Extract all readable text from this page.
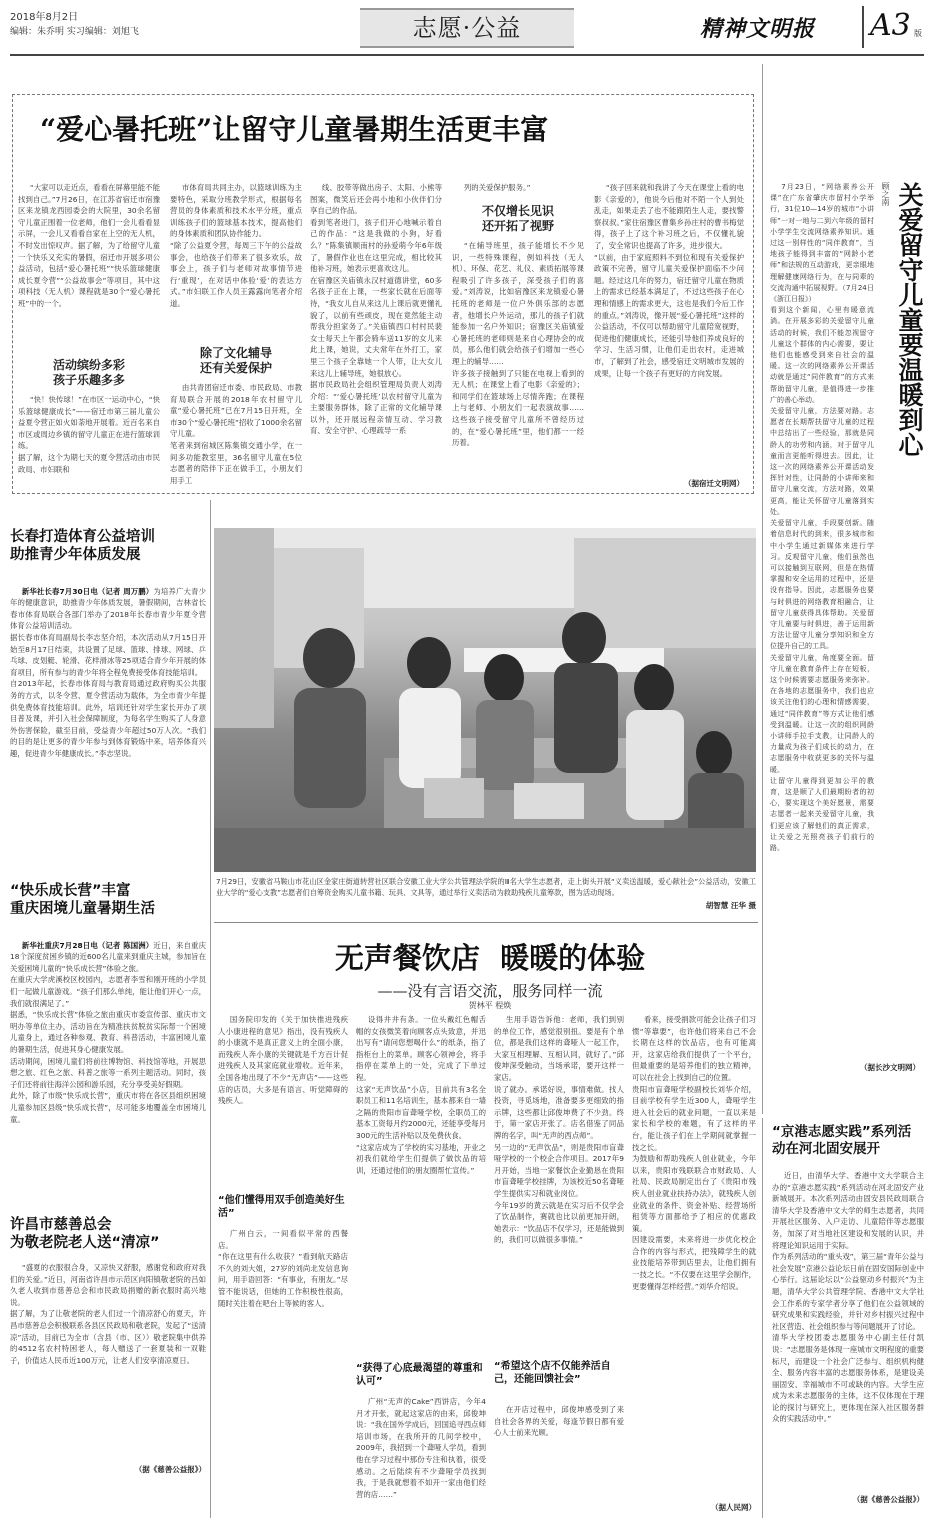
2018年8月2日
编辑：朱乔明 实习编辑：刘旭飞	志愿·公益	精神文明报 A3 版
“爱心暑托班”让留守儿童暑期生活更丰富

“大家可以走近点，看看在屏幕里能不能找到自己。”7月26日，在江苏省宿迁市宿豫区来龙镇龙西园委会的大院里，30余名留守儿童正围着一位老师，他们一会儿看看显示屏，一会儿又看看自家在上空的无人机，不时发出惊叹声。据了解，为了给留守儿童一个快乐又充实的暑假，宿迁市开展多项公益活动，包括“爱心暑托班”“快乐篮球健康成长夏令营”“公益故事会”等项目，其中这项科技（无人机）课程就是30个“爱心暑托班”中的一个。

活动缤纷多彩
孩子乐趣多多

“快！快传球！”在市区一运动中心，“快乐篮球健康成长”——宿迁市第三届儿童公益夏令营正如火如荼地开展着。近百名来自市区或周边乡镇的留守儿童正在进行篮球训练。
据了解，这个为期七天的夏令营活动由市民政局、市妇联和

市体育局共同主办，以篮球训练为主要特色，采取分班教学形式，根据每名营员的身体素质和技术水平分班，重点训练孩子们的篮球基本技术，提高他们的身体素质和团队协作能力。
“除了公益夏令营，每周三下午的公益故事会，也给孩子们带来了很多欢乐，故事会上，孩子们与老师对故事情节进行‘重现’，在对话中体验‘爱’的表达方式。”市妇联工作人员王露露向笔者介绍道。

除了文化辅导
还有关爱保护

由共青团宿迁市委、市民政局、市教育局联合开展的2018年农村留守儿童“爱心暑托班”已在7月15日开班，全市30个“爱心暑托班”招收了1000余名留守儿童。
笔者来到宿城区陈集镇交通小学，在一间多功能教室里，36名留守儿童在5位志愿者的陪伴下正在做手工，小朋友们用手工

线、胶带等做出房子、太阳、小熊等图案，微笑后还会再小地和小伙伴们分享自己的作品。
看到笔者进门，孩子们开心地喊示着自己的作品：“这是我做的小狗，好看么？”陈集镇顺南村的孙爱萌今年6年级了，暑假作业也在这里完成，相比较其他补习班，她表示更喜欢这儿。
在宿豫区关庙镇永汉村道德讲堂，60多名孩子正在上课，一些家长就在后面等待，“我女儿自从来这儿上课后就更懂礼貌了，以前有些顽皮，现在竟然能主动帮我分担家务了。”关庙镇西口村村民裴女士每天上午都会骑车送11岁的女儿来此上课，她说，丈夫常年在外打工，家里三个孩子全靠她一个人带，让大女儿来这儿上辅导班，她很放心。
据市民政局社会组织管理局负责人刘涛介绍：“‘爱心暑托班’以农村留守儿童为主要服务群体，除了正常的文化辅导课以外，还开展远程亲情互动、学习教育、安全守护、心理疏导一系

列的关爱保护服务。”

不仅增长见识
还开拓了视野

“在辅导班里，孩子能增长不少见识，一些特殊课程，例如科技（无人机）、环保、花艺、礼仪、素质拓展等课程吸引了许多孩子，深受孩子们的喜爱。”刘涛说，比如宿豫区来龙镇爱心暑托班的老师是一位户外俱乐部的志愿者，他增长户外运动，那儿的孩子们就能参加一名户外知识；宿豫区关庙镇爱心暑托班的老师则是来自心理协会的成员，那么他们就会给孩子们增加一些心理上的辅导……
许多孩子接触到了只能在电视上看到的无人机；在课堂上看了电影《亲爱的》；和同学们在篮球场上尽情奔跑；在课程上与老师、小朋友们一起表演故事……这些孩子接受留守儿童所不曾经历过的，在“爱心暑托班”里，他们都一一经历着。

“孩子回来就和我讲了今天在课堂上看的电影《亲爱的》，他说今后他对不陌一个人到处乱走，如果走丢了也不能跟陌生人走，要找警察叔叔。”家住宿豫区曹集乡孙庄村的曹书梅觉得，孩子上了这个补习班之后，不仅懂礼貌了，安全常识也提高了许多，进步很大。
“以前，由于家庭照料不到位和现有关爱保护政策不完善，留守儿童关爱保护面临不少问题。经过这几年的努力，宿迁留守儿童在物质上的需求已经基本满足了，不过这些孩子在心理和情感上的需求更大，这也是我们今后工作的重点。”刘涛说，像开展“爱心暑托班”这样的公益活动，不仅可以帮助留守儿童陪宽视野，促进他们健康成长，还能引导他们养成良好的学习、生活习惯，让他们走出农村，走进城市，了解到了社会，感受宿迁文明城市发展的成果，让每一个孩子有更好的方向发展。

（据宿迁文明网）

7月23日，“网络素养公开课”在广东省肇庆市留村小学举行，31位10—14岁的城市“小讲师”一对一地与二到六年级的留村小学学生交流网络素养知识。通过这一别样性的“同伴教育”，当地孩子能得到丰富的“网龄小老师”和法规的互动游戏，更亲眼地理解健康网络行为，在与同辈的交流沟通中拓展视野。（7月24日《浙江日报》）
看到这个新闻，心里有暖意流淌。在开展多彩的关爱留守儿童活动的时候，我们不能忽视留守儿童这个群体的内心需要，要让他们也能感受到来自社会的温暖。这一次的网络素养公开课活动就是通过“同伴教育”的方式来帮助留守儿童，是值得进一步推广的善心举动。
关爱留守儿童，方法要对路。志愿者在长期帮扶留守儿童的过程中总结出了一些经验，那就是同龄人的功劳和内涵，对于留守儿童而言更能听得进去。因此，让这一次的网络素养公开课活动发挥针对性，让同龄的小讲师来和留守儿童交流，方法对路，效果更高，能让关怀留守儿童落到实处。
关爱留守儿童，手段要创新。随着信息时代的到来，很多城市和中小学生通过新媒体来进行学习。反观留守儿童，他们虽然也可以接触到互联网，但是在热情掌握和安全运用的过程中，还是没有指导。因此，志愿服务也要与时俱进的网络教育相融合，让留守儿童获得具体帮助。关爱留守儿童要与时俱进，善于运用新方法让留守儿童分享知识和全方位提升自己的工具。
关爱留守儿童，角度要全面。留守儿童在教育条件上存在短板，这个时候需要志愿服务来弥补。在各地的志愿服务中，我们也应该关注他们的心理和情感需要，通过“同伴教育”等方式让他们感受到温暖。让这一次的组织网龄小讲师手拉手支教，让同龄人的力量成为孩子们成长的动力，在志愿服务中收获更多的关怀与温暖。
让留守儿童得到更加公平的教育，这是顺了人们最期盼者的初心，要实现这个美好愿景，需要志愿者一起来关爱留守儿童，我们更应该了解他们的真正需求，让关爱之光照亮孩子们前行的路。

顾之南 关爱留守儿童要温暖到心
（据长沙文明网）
长春打造体育公益培训
助推青少年体质发展

新华社长春7月30日电（记者 周万鹏）为培养广大青少年的健康意识，助推青少年体质发展，暑假期间，吉林省长春市体育局联合各部门举办了2018年长春市青少年夏令营体育公益培训活动。
据长春市体育局副局长李志坚介绍，本次活动从7月15日开始至8月17日结束，共设置了足球、篮球、排球、网球、乒乓球、皮划艇、轮滑、花样滑冰等25项适合青少年开展的体育项目，所有参与的青少年将全程免费接受体育技能培训。
自2013年起，长春市体育局与教育局通过政府购买公共服务的方式，以冬令营、夏令营活动为载体，为全市青少年提供免费体育技能培训。此外，培训还针对学生家长开办了项目普及课，并引入社会保障制度，为每名学生购买了人身意外伤害保险，截至目前，受益青少年超过50万人次。“我们的目的是让更多的青少年参与到体育锻炼中来，培养体育兴趣，促进青少年健康成长。”李志坚说。

“快乐成长营”丰富
重庆困境儿童暑期生活

新华社重庆7月28日电（记者 陈国洲）近日，来自重庆18个深度贫困乡镇的近600名儿童来到重庆主城，参加旨在关爱困境儿童的“快乐成长营”体验之旅。
在重庆大学虎溪校区校园内，志愿者李雪和刚开班的小学员们一起做儿童游戏。“孩子们那么单纯，能让他们开心一点，我们就很满足了。”
据悉，“快乐成长营”体验之旅由重庆市委宣传部、重庆市文明办等单位主办，活动旨在为精准扶贫脱贫实际帮一个困境儿童身上，通过各种参观、教育、科普活动，丰富困境儿童的暑期生活，促进其身心健康发展。
活动期间，困境儿童们将前往博物馆、科技馆等地，开展思想之旅、红色之旅、科普之旅等一系列主题活动。同时，孩子们还将前往海洋公园和游乐园，充分享受美好假期。
此外，除了市级“快乐成长营”，重庆市将在各区县组织困境儿童参加区县级“快乐成长营”，尽可能多地覆盖全市困境儿童。

许昌市慈善总会
为敬老院老人送“清凉”

“盛夏的衣服很合身，又凉快又舒服，感谢党和政府对我们的关爱。”近日，河南省许昌市示范区向阳镇敬老院的吕如久老人收到市慈善总会和市民政局捐赠的新衣服时高兴地说。
据了解，为了让敬老院的老人们过一个清凉舒心的夏天，许昌市慈善总会积极联系各县区民政局和敬老院，发起了“送清凉”活动，目前已为全市（含县（市、区））敬老院集中供养的4512名农村特困老人，每人赠送了一套夏装和一双鞋子，价值达人民币近100万元，让老人们安享清凉夏日。

（据《慈善公益报》）

7月29日，安徽省马鞍山市花山区金家庄街道转营社区联合安徽工业大学公共管理法学院的Ⅲ名大学生志愿者，走上街头开展“义卖送温暖，爱心献社会”公益活动，安徽工业大学的“爱心支教”志愿者们自筹资金购买儿童书籍、玩具、文具等，通过举行义卖活动为救助残疾儿童筹款，图为活动现场。

胡智慧 汪华 摄
无声餐饮店  暖暖的体验
——没有言语交流，服务同样一流
贺林平 程焕

国务院印发的《关于加快推进残疾人小康进程的意见》指出，没有残疾人的小康就不是真正意义上的全面小康，而残疾人奔小康的关键就是千方百计促进残疾人及其家庭就业增收。近年来，全国各地出现了不少“无声店”——这些店的店员，大多是有语言、听觉障碍的残疾人。

“他们懂得用双手创造美好生活”

广州白云，一间看似平常的西餐店。
“你在这里有什么收获？”看到航天路店不久的刘大姐，27岁的刘尚北发信息询问，用手语回答：“有事业，有朋友。”尽管不能说话，但她的工作积极性很高，随时关注着在吧台上等候的客人。

设得井井有条。一位头戴红色帽舌帽的女孩微笑着向顾客点头致意，并迅出写有“请问您想喝什么”的纸条，指了指柜台上的菜单。顾客心领神会，将手指停在菜单上的一处，完成了下单过程。
这家“无声饮品”小店，目前共有3名全职员工和11名培训生，基本都来自一墙之隔的贵阳市盲聋哑学校，全职员工的基本工资每月约2000元，还能享受每月300元的生活补贴以及免费伙食。
“这家店成为了学校的实习基地，开业之初我们就给学生们提供了做饮品的培训，还通过他们的朋友圈帮忙宣传。”

“获得了心底最渴望的尊重和认可”

广州“无声的Cake”西饼店，今年4月才开张，就起这家店的由来，邱俊坤说：“我在国外学成后，回国追寻西点师培训市场，在我所开的几间学校中，2009年，我招到一个聋哑人学员，看到他在学习过程中那份专注和执着，很受感动。之后陆续有不少聋哑学员找到我，于是我就想着不如开一家由他们经营的店……”

生用手语告诉他：老师，我们到别的单位工作，感觉很别扭。要是有个单位，都是我们这样的聋哑人一起工作，大家互相理解、互相认同，就好了。”邱俊坤深受触动，当场承诺，要开这样一家店。
说了就办。承诺好说，事情难做。找人投资，寻觅场地，准备要多更细致的指示牌，这些都让邱俊坤费了不少劲。终于，第一家店开张了。店名借鉴了同品牌的名字，叫“无声的西点师”。
另一边的“无声饮品”，则是贵阳市盲聋哑学校的一个校企合作项目。2017年9月开始，当地一家餐饮企业勤恳在贵阳市盲聋哑学校挂牌，为该校近50名聋哑学生提供实习和就业岗位。
今年19岁的黄云就是在实习后不仅学会了饮品制作，赛就也比以前更加开朗，她表示：“饮品店不仅学习，还是能做到的，我们可以做很多事情。”

“希望这个店不仅能养活自己，还能回馈社会”

在开店过程中，邱俊坤感受到了来自社会各界的关爱，每逢节假日都有爱心人士前来光顾。

看来，接受捐款可能会让孩子们习惯“等靠要”，也许他们将来自己不会长期在这样的饮品店，也有可能离开，这家店给我们提供了一个平台，但最重要的是培养他们的独立精神，可以在社会上找到自己的位置。
贵阳市盲聋哑学校副校长刘华介绍，目前学校有学生近300人，聋哑学生进入社会后的就业问题，一直以来是家长和学校的难题，有了这样的平台，能让孩子们在上学期间就掌握一技之长。
为鼓励和帮助残疾人创业就业，今年以来，贵阳市残联联合市财政局、人社局、民政局制定出台了《贵阳市残疾人创业就业扶持办法》，就残疾人创业就业的条件、资金补贴、经营场所租赁等方面都给予了相应的优惠政策。
因建设需要，未来将进一步优化校企合作的内容与形式，把残障学生的就业技能培养带到店里去，让他们拥有一技之长。“不仅要在这里学会制作，更要懂得怎样经营。”刘华介绍说。

（据人民网）
“京港志愿实践”系列活动在河北固安展开

近日，由清华大学、香港中文大学联合主办的“京港志愿实践”系列活动在河北固安产业新城展开。本次系列活动由固安县民政局联合清华大学及香港中文大学的师生志愿者，共同开展社区服务、入户走访、儿童陪伴等志愿服务，加深了对当地社区建设和发展的认识，并将理论知识运用于实际。
作为系列活动的“重头戏”，第三届“青年公益与社会发展”京港公益论坛日前在固安国际创业中心举行。这届论坛以“公益驱动乡村振兴”为主题，清华大学公共管理学院、香港中文大学社会工作系的专家学者分享了他们在公益领域的研究成果和实践经验，并针对乡村振兴过程中社区营造、社会组织参与等问题展开了讨论。
清华大学校团委志愿服务中心副主任付凯说：“志愿服务是体现一座城市文明程度的重要标尺，而建设一个社会广泛参与、组织机构健全、服务内容丰富的志愿服务体系，是建设美丽固安、幸福城市不可或缺的内容。大学生应成为未来志愿服务的主体，这不仅体现在于理论的探讨与研究上，更体现在深入社区服务群众的实践活动中。”

（据《慈善公益报》）
